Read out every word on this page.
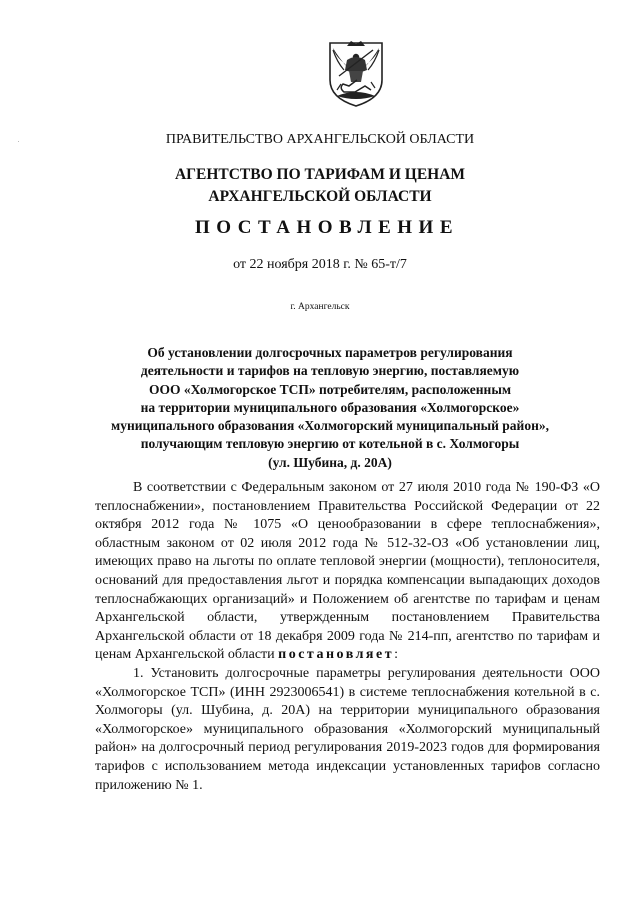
ПРАВИТЕЛЬСТВО АРХАНГЕЛЬСКОЙ ОБЛАСТИ
АГЕНТСТВО ПО ТАРИФАМ И ЦЕНАМ
АРХАНГЕЛЬСКОЙ ОБЛАСТИ
ПОСТАНОВЛЕНИЕ
от 22 ноября 2018 г. № 65-т/7
г. Архангельск
Об установлении долгосрочных параметров регулирования
деятельности и тарифов на тепловую энергию, поставляемую
ООО «Холмогорское ТСП» потребителям, расположенным
на территории муниципального образования «Холмогорское»
муниципального образования «Холмогорский муниципальный район»,
получающим тепловую энергию от котельной в с. Холмогоры
(ул. Шубина, д. 20А)

В соответствии с Федеральным законом от 27 июля 2010 года № 190-ФЗ «О теплоснабжении», постановлением Правительства Российской Федерации от 22 октября 2012 года № 1075 «О ценообразовании в сфере теплоснабжения», областным законом от 02 июля 2012 года № 512-32-ОЗ «Об установлении лиц, имеющих право на льготы по оплате тепловой энергии (мощности), теплоносителя, оснований для предоставления льгот и порядка компенсации выпадающих доходов теплоснабжающих организаций» и Положением об агентстве по тарифам и ценам Архангельской области, утвержденным постановлением Правительства Архангельской области от 18 декабря 2009 года № 214-пп, агентство по тарифам и ценам Архангельской области постановляет:

1. Установить долгосрочные параметры регулирования деятельности ООО «Холмогорское ТСП» (ИНН 2923006541) в системе теплоснабжения котельной в с. Холмогоры (ул. Шубина, д. 20А) на территории муниципального образования «Холмогорское» муниципального образования «Холмогорский муниципальный район» на долгосрочный период регулирования 2019-2023 годов для формирования тарифов с использованием метода индексации установленных тарифов согласно приложению № 1.
